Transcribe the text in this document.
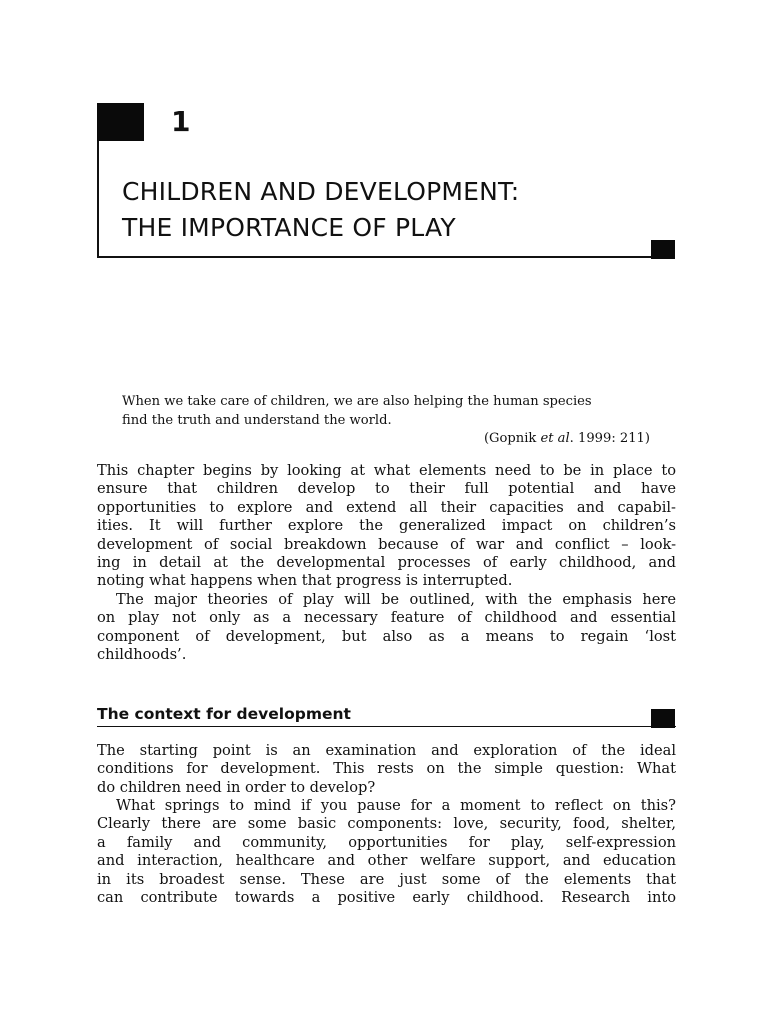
1
CHILDREN AND DEVELOPMENT:
THE IMPORTANCE OF PLAY
When we take care of children, we are also helping the human species
find the truth and understand the world.
(Gopnik et al. 1999: 211)

This chapter begins by looking at what elements need to be in place to
ensure that children develop to their full potential and have
opportunities to explore and extend all their capacities and capabil-
ities. It will further explore the generalized impact on children’s
development of social breakdown because of war and conflict – look-
ing in detail at the developmental processes of early childhood, and
noting what happens when that progress is interrupted.

The major theories of play will be outlined, with the emphasis here
on play not only as a necessary feature of childhood and essential
component of development, but also as a means to regain ‘lost
childhoods’.

The context for development

The starting point is an examination and exploration of the ideal
conditions for development. This rests on the simple question: What
do children need in order to develop?

What springs to mind if you pause for a moment to reflect on this?
Clearly there are some basic components: love, security, food, shelter,
a family and community, opportunities for play, self-expression
and interaction, healthcare and other welfare support, and education
in its broadest sense. These are just some of the elements that
can contribute towards a positive early childhood. Research into
